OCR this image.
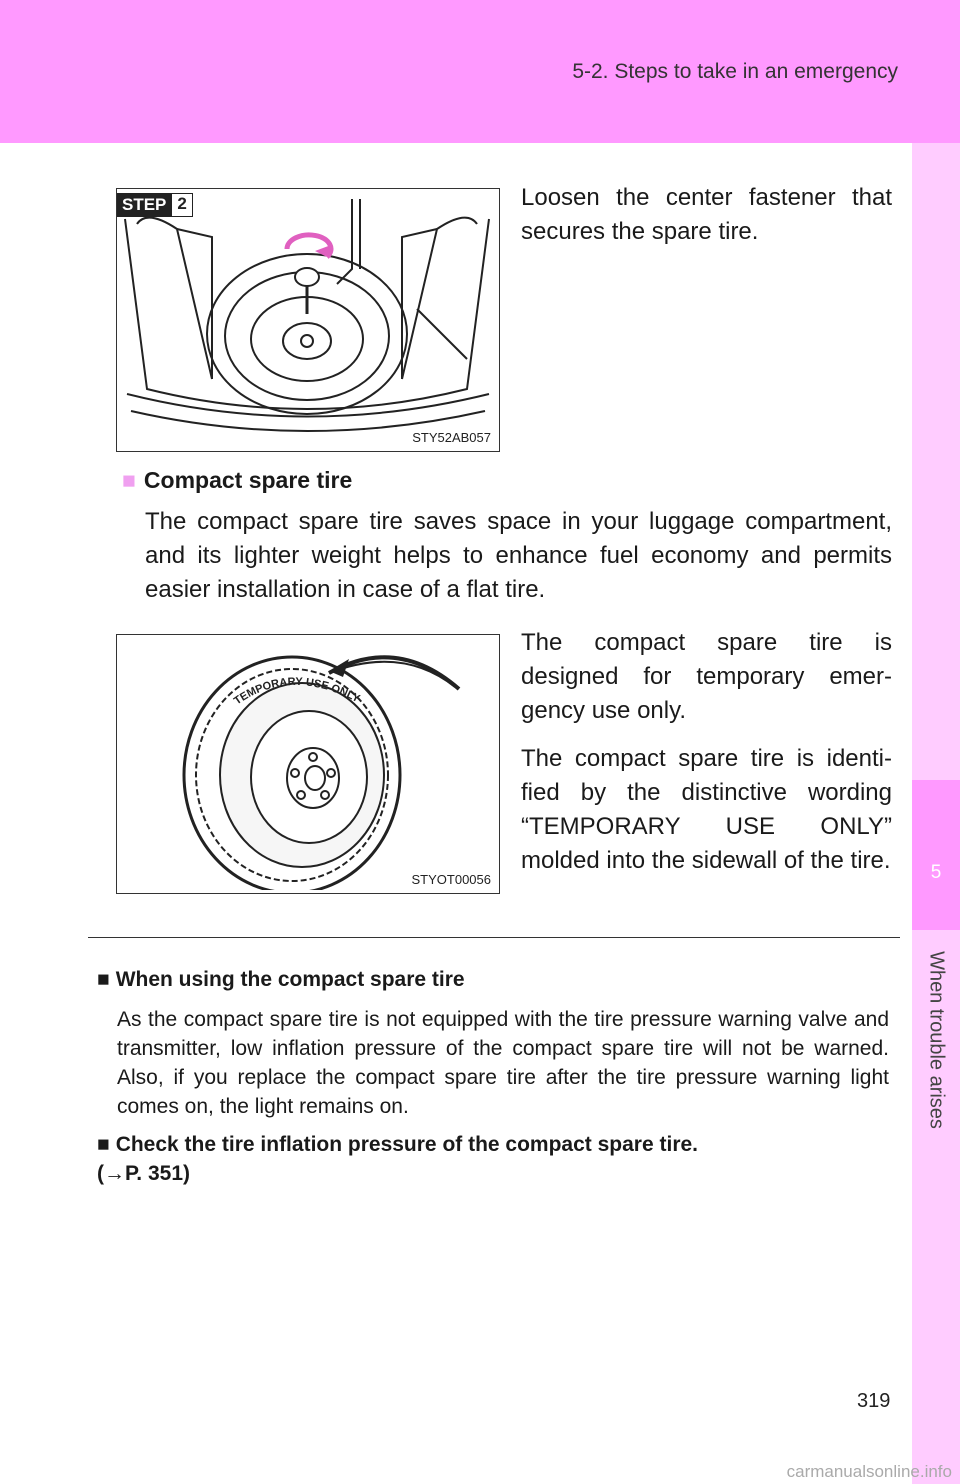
5-2. Steps to take in an emergency
5
When trouble arises
STEP 2
STY52AB057
Loosen the center fastener that secures the spare tire.
■ Compact spare tire
The compact spare tire saves space in your luggage compartment, and its lighter weight helps to enhance fuel economy and permits easier installation in case of a flat tire.
TEMPORARY USE ONLY
STYOT00056
The compact spare tire is designed for temporary emer- gency use only.
The compact spare tire is identi- fied by the distinctive wording “TEMPORARY USE ONLY” molded into the sidewall of the tire.
■ When using the compact spare tire
As the compact spare tire is not equipped with the tire pressure warning valve and transmitter, low inflation pressure of the compact spare tire will not be warned. Also, if you replace the compact spare tire after the tire pressure warning light comes on, the light remains on.
■ Check the tire inflation pressure of the compact spare tire.
(→P. 351)
319
carmanualsonline.info
